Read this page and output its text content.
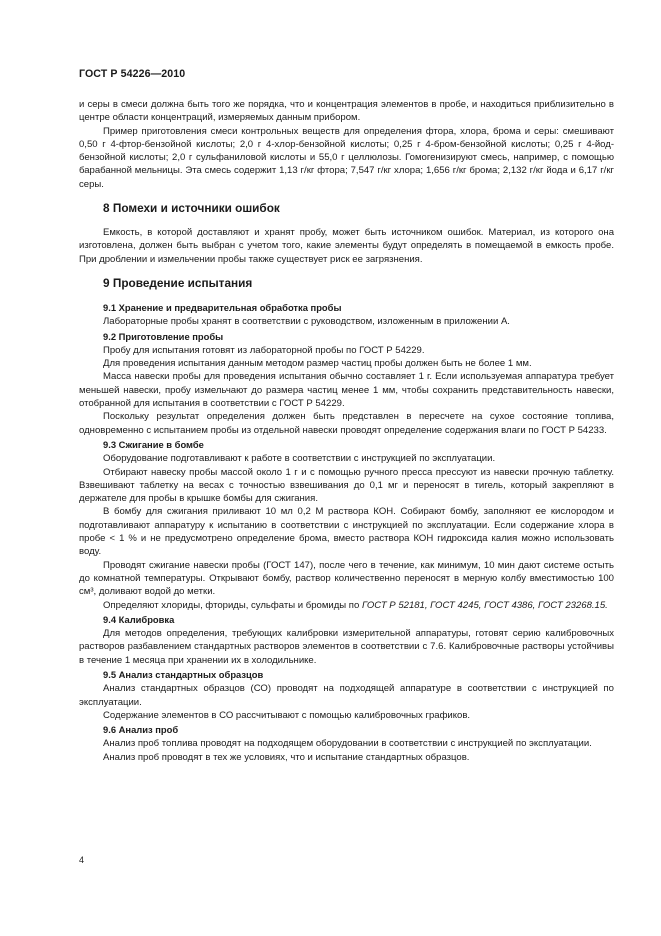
ГОСТ Р 54226—2010

и серы в смеси должна быть того же порядка, что и концентрация элементов в пробе, и находиться приблизительно в центре области концентраций, измеряемых данным прибором.

Пример приготовления смеси контрольных веществ для определения фтора, хлора, брома и серы: смешивают 0,50 г 4-фтор-бензойной кислоты; 2,0 г 4-хлор-бензойной кислоты; 0,25 г 4-бром-бензойной кислоты; 0,25 г 4-йод-бензойной кислоты; 2,0 г сульфаниловой кислоты и 55,0 г целлюлозы. Гомогенизируют смесь, например, с помощью барабанной мельницы. Эта смесь содержит 1,13 г/кг фтора; 7,547 г/кг хлора; 1,656 г/кг брома; 2,132 г/кг йода и 6,17 г/кг серы.

8 Помехи и источники ошибок

Емкость, в которой доставляют и хранят пробу, может быть источником ошибок. Материал, из которого она изготовлена, должен быть выбран с учетом того, какие элементы будут определять в помещаемой в емкость пробе. При дроблении и измельчении пробы также существует риск ее загрязнения.

9 Проведение испытания
9.1 Хранение и предварительная обработка пробы

Лабораторные пробы хранят в соответствии с руководством, изложенным в приложении А.

9.2 Приготовление пробы

Пробу для испытания готовят из лабораторной пробы по ГОСТ Р 54229.

Для проведения испытания данным методом размер частиц пробы должен быть не более 1 мм.

Масса навески пробы для проведения испытания обычно составляет 1 г. Если используемая аппаратура требует меньшей навески, пробу измельчают до размера частиц менее 1 мм, чтобы сохранить представительность навески, отобранной для испытания в соответствии с ГОСТ Р 54229.

Поскольку результат определения должен быть представлен в пересчете на сухое состояние топлива, одновременно с испытанием пробы из отдельной навески проводят определение содержания влаги по ГОСТ Р 54233.

9.3 Сжигание в бомбе

Оборудование подготавливают к работе в соответствии с инструкцией по эксплуатации.

Отбирают навеску пробы массой около 1 г и с помощью ручного пресса прессуют из навески прочную таблетку. Взвешивают таблетку на весах с точностью взвешивания до 0,1 мг и переносят в тигель, который закрепляют в держателе для пробы в крышке бомбы для сжигания.

В бомбу для сжигания приливают 10 мл 0,2 М раствора КОН. Собирают бомбу, заполняют ее кислородом и подготавливают аппаратуру к испытанию в соответствии с инструкцией по эксплуатации. Если содержание хлора в пробе < 1 % и не предусмотрено определение брома, вместо раствора КОН гидроксида калия можно использовать воду.

Проводят сжигание навески пробы (ГОСТ 147), после чего в течение, как минимум, 10 мин дают системе остыть до комнатной температуры. Открывают бомбу, раствор количественно переносят в мерную колбу вместимостью 100 см³, доливают водой до метки.

Определяют хлориды, фториды, сульфаты и бромиды по ГОСТ Р 52181, ГОСТ 4245, ГОСТ 4386, ГОСТ 23268.15.

9.4 Калибровка

Для методов определения, требующих калибровки измерительной аппаратуры, готовят серию калибровочных растворов разбавлением стандартных растворов элементов в соответствии с 7.6. Калибровочные растворы устойчивы в течение 1 месяца при хранении их в холодильнике.

9.5 Анализ стандартных образцов

Анализ стандартных образцов (СО) проводят на подходящей аппаратуре в соответствии с инструкцией по эксплуатации.

Содержание элементов в СО рассчитывают с помощью калибровочных графиков.

9.6 Анализ проб

Анализ проб топлива проводят на подходящем оборудовании в соответствии с инструкцией по эксплуатации.

Анализ проб проводят в тех же условиях, что и испытание стандартных образцов.

4
